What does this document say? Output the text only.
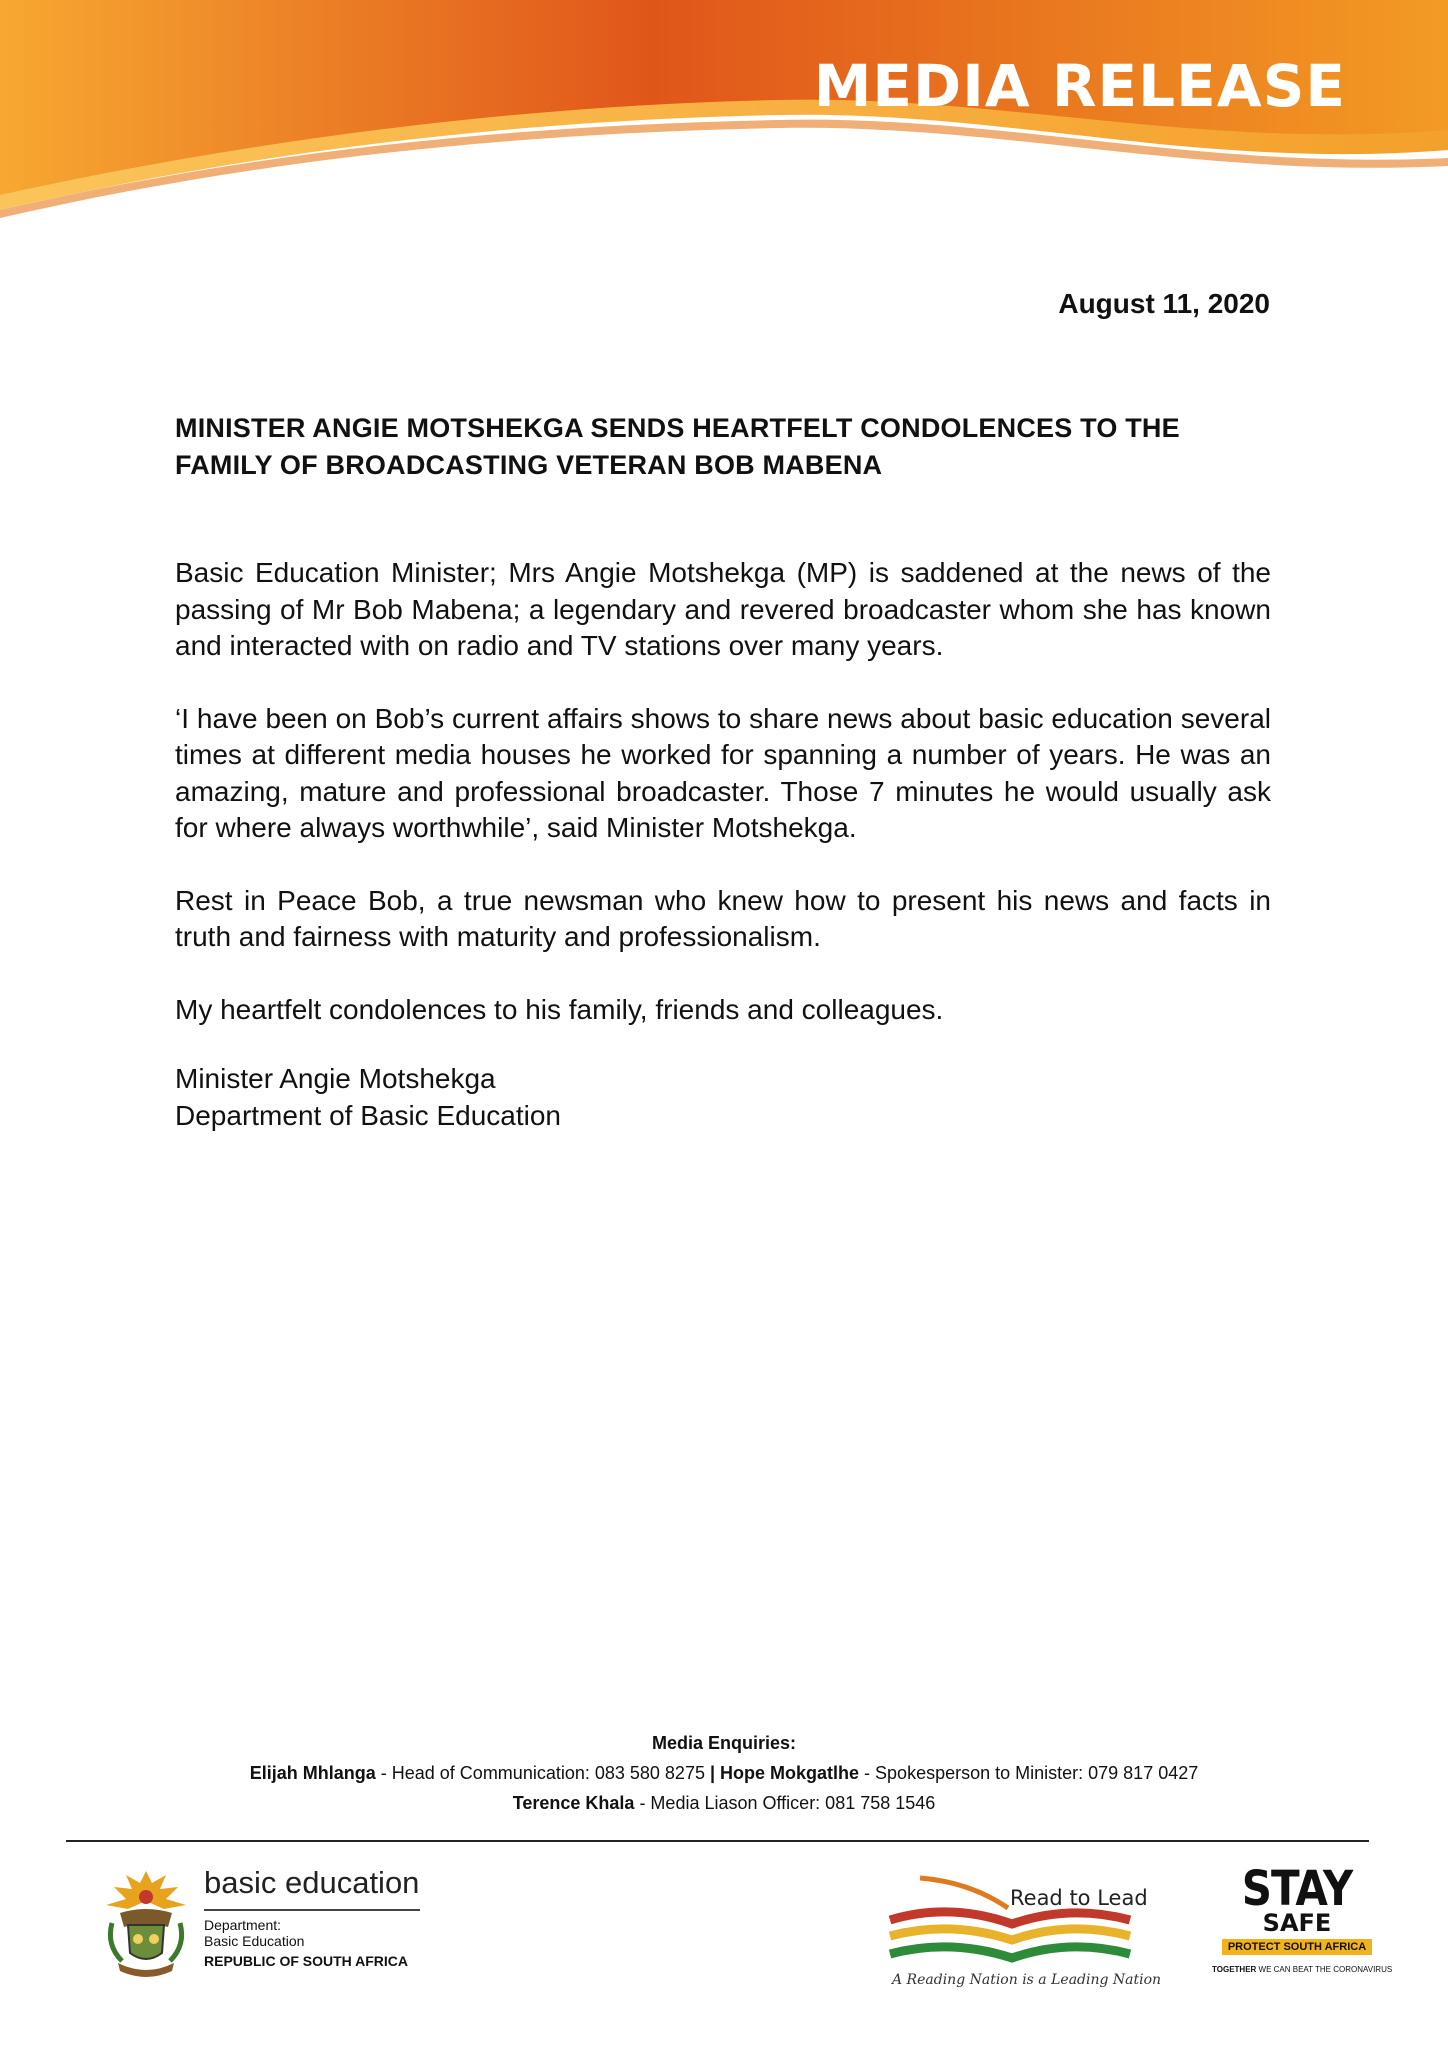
MEDIA RELEASE
August 11, 2020
MINISTER ANGIE MOTSHEKGA SENDS HEARTFELT CONDOLENCES TO THE
FAMILY OF BROADCASTING VETERAN BOB MABENA

Basic Education Minister; Mrs Angie Motshekga (MP) is saddened at the news of the passing of Mr Bob Mabena; a legendary and revered broadcaster whom she has known and interacted with on radio and TV stations over many years.

‘I have been on Bob’s current affairs shows to share news about basic education several times at different media houses he worked for spanning a number of years. He was an amazing, mature and professional broadcaster. Those 7 minutes he would usually ask for where always worthwhile’, said Minister Motshekga.

Rest in Peace Bob, a true newsman who knew how to present his news and facts in truth and fairness with maturity and professionalism.

My heartfelt condolences to his family, friends and colleagues.

Minister Angie Motshekga
Department of Basic Education
Media Enquiries:
Elijah Mhlanga - Head of Communication: 083 580 8275 | Hope Mokgatlhe - Spokesperson to Minister: 079 817 0427
Terence Khala - Media Liason Officer: 081 758 1546
basic education
Department:
Basic Education
REPUBLIC OF SOUTH AFRICA
Read to Lead
A Reading Nation is a Leading Nation
STAY
SAFE
PROTECT SOUTH AFRICA
TOGETHER WE CAN BEAT THE CORONAVIRUS
